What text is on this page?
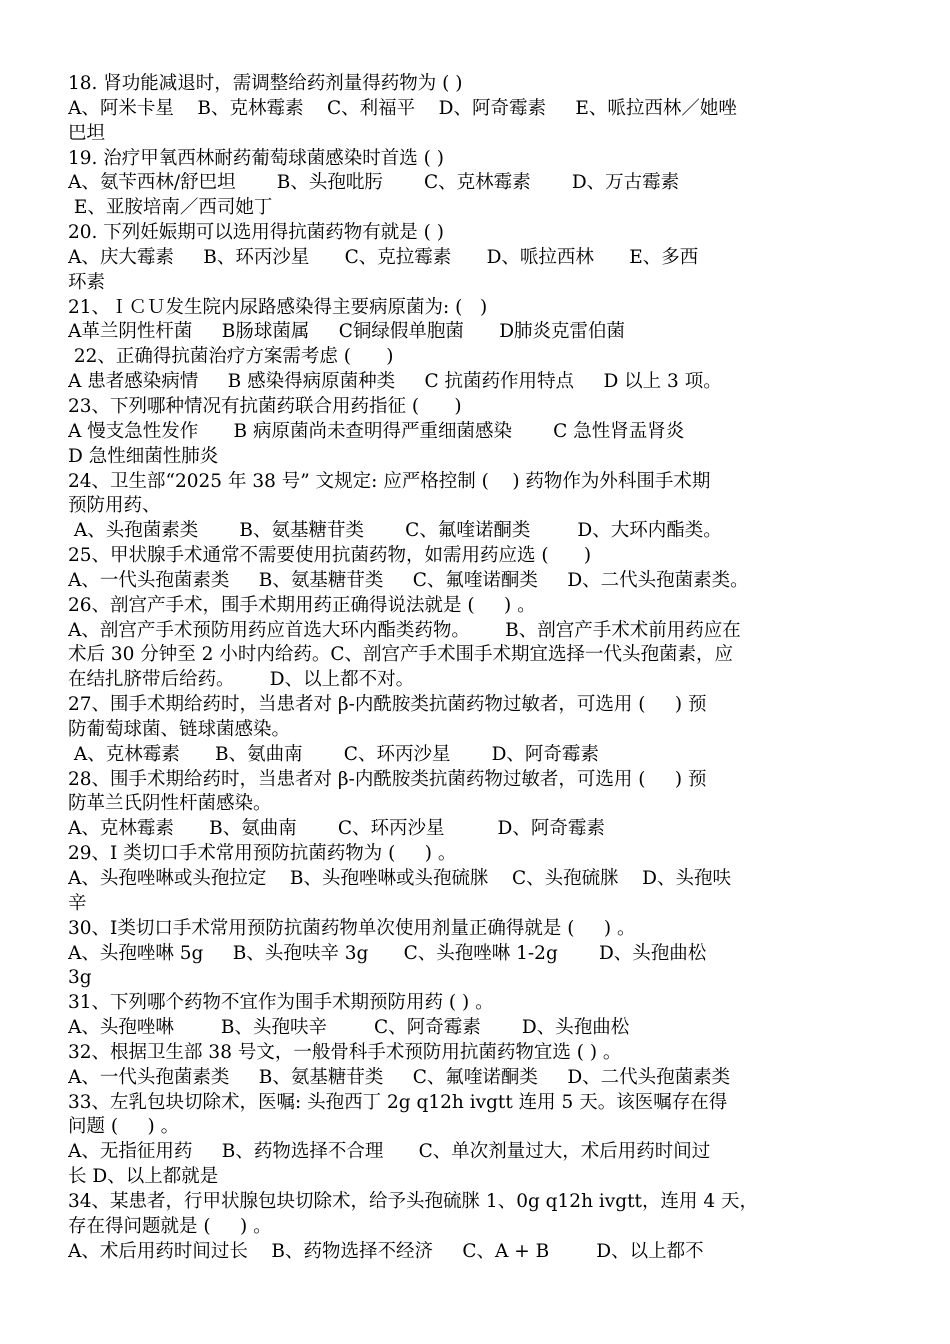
18. 肾功能减退时，需调整给药剂量得药物为 ( )
A、阿米卡星    B、克林霉素    C、利福平    D、阿奇霉素     E、哌拉西林／她唑
巴坦
19. 治疗甲氧西林耐药葡萄球菌感染时首选 ( )
A、氨苄西林/舒巴坦       B、头孢吡肟       C、克林霉素       D、万古霉素
E、亚胺培南／西司她丁
20. 下列妊娠期可以选用得抗菌药物有就是 ( )
A、庆大霉素     B、环丙沙星      C、克拉霉素      D、哌拉西林      E、多西
环素
21、ＩＣＵ发生院内尿路感染得主要病原菌为: (   )
A革兰阴性杆菌     B肠球菌属     C铜绿假单胞菌      D肺炎克雷伯菌
22、正确得抗菌治疗方案需考虑 (      )
A 患者感染病情     B 感染得病原菌种类     C 抗菌药作用特点     D 以上 3 项。
23、下列哪种情况有抗菌药联合用药指征 (      )
A 慢支急性发作      B 病原菌尚未查明得严重细菌感染       C 急性肾盂肾炎
D 急性细菌性肺炎
24、卫生部“2025 年 38 号” 文规定: 应严格控制 (    ) 药物作为外科围手术期
预防用药、
A、头孢菌素类       B、氨基糖苷类       C、氟喹诺酮类        D、大环内酯类。
25、甲状腺手术通常不需要使用抗菌药物，如需用药应选 (      )
A、一代头孢菌素类     B、氨基糖苷类     C、氟喹诺酮类     D、二代头孢菌素类。
26、剖宫产手术，围手术期用药正确得说法就是 (     ) 。
A、剖宫产手术预防用药应首选大环内酯类药物。      B、剖宫产手术术前用药应在
术后 30 分钟至 2 小时内给药。C、剖宫产手术围手术期宜选择一代头孢菌素，应
在结扎脐带后给药。      D、以上都不对。
27、围手术期给药时，当患者对 β-内酰胺类抗菌药物过敏者，可选用 (     ) 预
防葡萄球菌、链球菌感染。
A、克林霉素      B、氨曲南       C、环丙沙星       D、阿奇霉素
28、围手术期给药时，当患者对 β-内酰胺类抗菌药物过敏者，可选用 (     ) 预
防革兰氏阴性杆菌感染。
A、克林霉素      B、氨曲南       C、环丙沙星         D、阿奇霉素
29、Ⅰ 类切口手术常用预防抗菌药物为 (     ) 。
A、头孢唑啉或头孢拉定    B、头孢唑啉或头孢硫脒    C、头孢硫脒    D、头孢呋
辛
30、Ⅰ类切口手术常用预防抗菌药物单次使用剂量正确得就是 (     ) 。
A、头孢唑啉 5g     B、头孢呋辛 3g      C、头孢唑啉 1-2g       D、头孢曲松
3g
31、下列哪个药物不宜作为围手术期预防用药 ( ) 。
A、头孢唑啉        B、头孢呋辛        C、阿奇霉素       D、头孢曲松
32、根据卫生部 38 号文，一般骨科手术预防用抗菌药物宜选 ( ) 。
A、一代头孢菌素类     B、氨基糖苷类     C、氟喹诺酮类     D、二代头孢菌素类
33、左乳包块切除术，医嘱: 头孢西丁 2g q12h ivgtt 连用 5 天。该医嘱存在得
问题 (     ) 。
A、无指征用药     B、药物选择不合理      C、单次剂量过大，术后用药时间过
长 D、以上都就是
34、某患者，行甲状腺包块切除术，给予头孢硫脒 1、0g q12h ivgtt，连用 4 天，
存在得问题就是 (     ) 。
A、术后用药时间过长    B、药物选择不经济     C、A + B        D、以上都不
